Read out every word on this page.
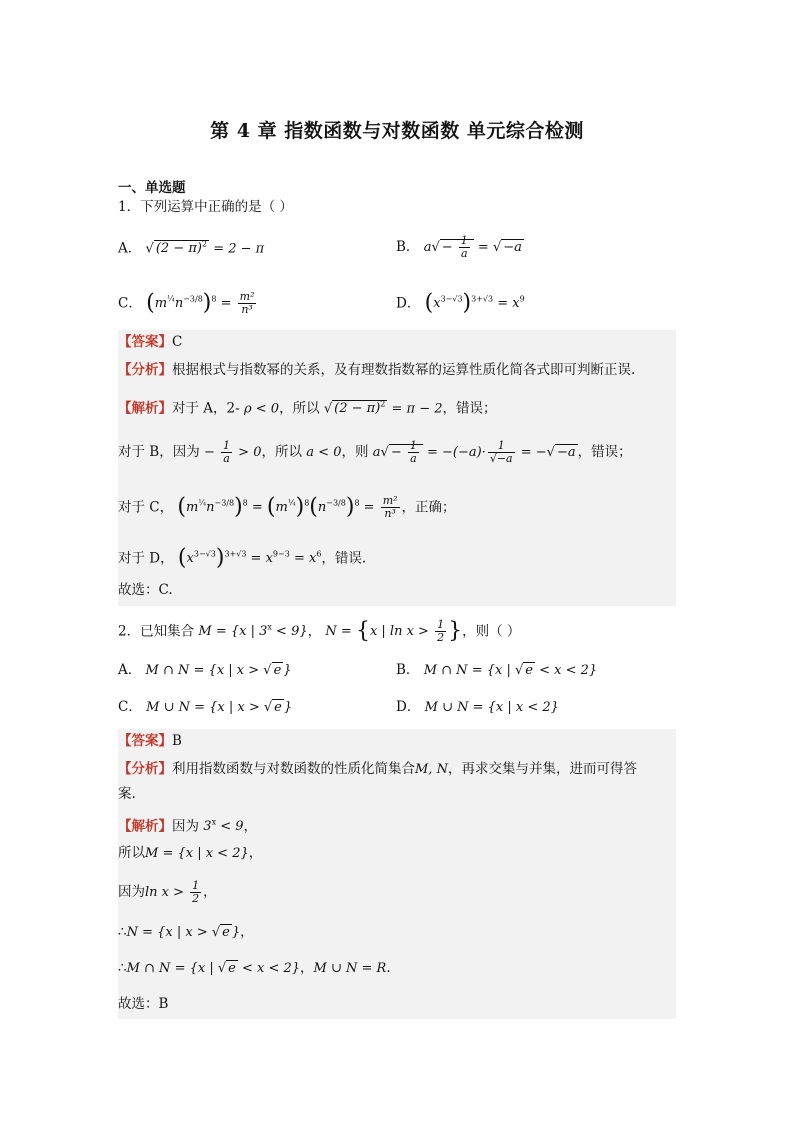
第 4 章 指数函数与对数函数 单元综合检测
一、单选题
1．下列运算中正确的是（ ）
A． √ $(2 - \pi)^2 = 2 - \pi$	B． $a√ - \frac{1}{a}$ = √ −a
C． $(m^{\frac{1}{4}}n^{-3/8})^8 = \frac{\text{m²}}{\text{n³}}$	D． $(x^{3-√3})^{3+√3} = x^9$
【答案】C
【分析】根据根式与指数幂的关系，及有理数指数幂的运算性质化简各式即可判断正误.
【解析】对于 A，2- ρ < 0，所以 √ $(2 - \pi)^2 = \pi - 2$，错误；
对于 B，因为 − $\frac{1}{a} > 0$，所以 a < 0，则 $a√ - \frac{1}{a} = -(-a)\cdot \frac{1}{√-a}$ = −√ −a ，错误；
对于 C， $(m^{\frac{1}{4}}n^{-3/8})^8 = (m^{\frac{1}{4}})^8(n^{-3/8})^8 = \frac{\text{m²}}{\text{n³}}$ ，正确；
对于 D， $(x^{3-√3})^{3+√3} = x^{9-3} = x^6$，错误.
故选：C.
2．已知集合 M = {x | $3^x < 9$}， N = {x | $\ln x > \frac{1}{2}$ }，则（ ）
A． M ∩ N = {x | x > √ e }	B． M ∩ N = {x | √ e < x < 2}
C． M ∪ N = {x | x > √ e }	D． M ∪ N = {x | x < 2}
【答案】B
【分析】利用指数函数与对数函数的性质化简集合M, N，再求交集与并集，进而可得答
案.
【解析】因为 $3^x < 9$，
所以M = {x | x < 2}，
因为$\ln x > \frac{1}{2}$ ，
∴N = {x | x > √ e }，
∴M ∩ N = {x | √ e < x < 2}，M ∪ N = R.
故选：B
